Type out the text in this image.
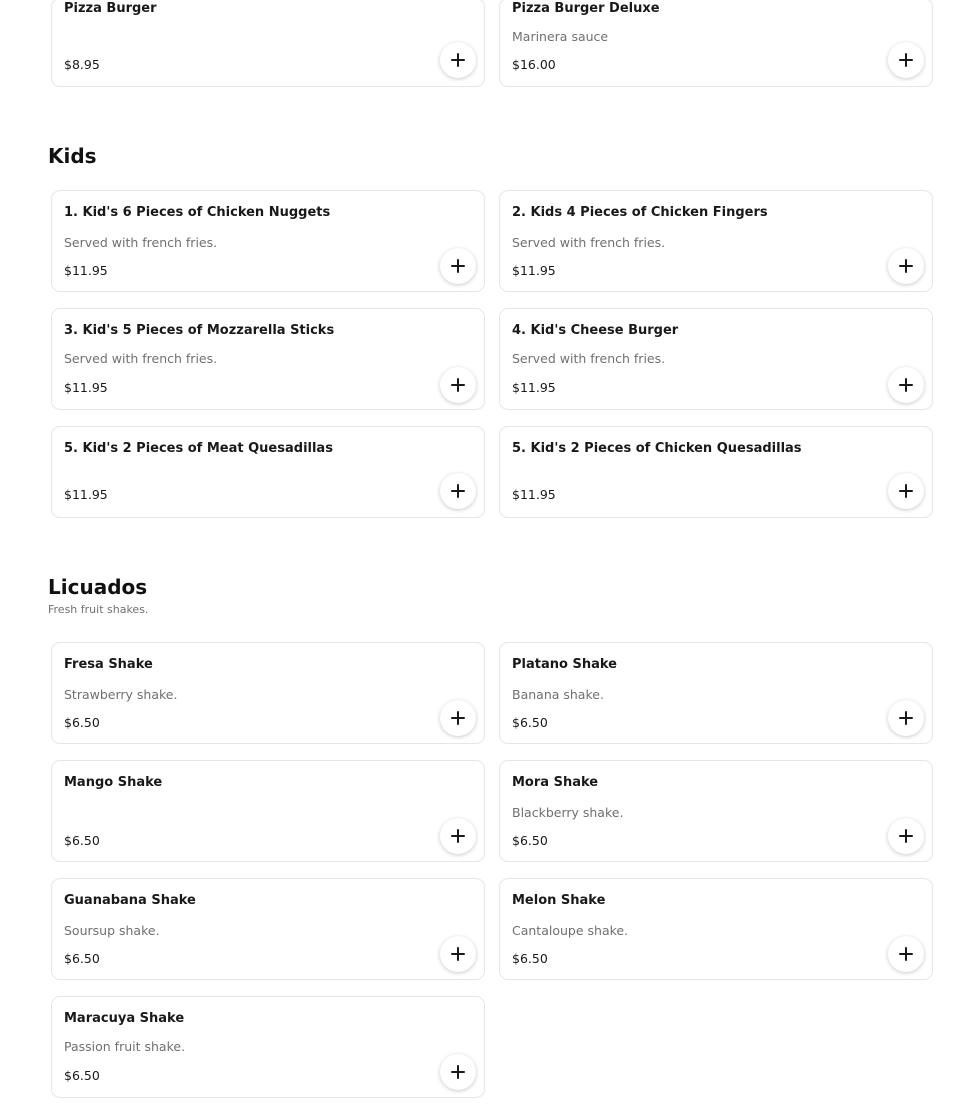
Pizza Burger
$8.95
Pizza Burger Deluxe
Marinera sauce
$16.00
Kids
1. Kid's 6 Pieces of Chicken Nuggets
Served with french fries.
$11.95
2. Kids 4 Pieces of Chicken Fingers
Served with french fries.
$11.95
3. Kid's 5 Pieces of Mozzarella Sticks
Served with french fries.
$11.95
4. Kid's Cheese Burger
Served with french fries.
$11.95
5. Kid's 2 Pieces of Meat Quesadillas
$11.95
5. Kid's 2 Pieces of Chicken Quesadillas
$11.95
Licuados
Fresh fruit shakes.
Fresa Shake
Strawberry shake.
$6.50
Platano Shake
Banana shake.
$6.50
Mango Shake
$6.50
Mora Shake
Blackberry shake.
$6.50
Guanabana Shake
Soursup shake.
$6.50
Melon Shake
Cantaloupe shake.
$6.50
Maracuya Shake
Passion fruit shake.
$6.50
